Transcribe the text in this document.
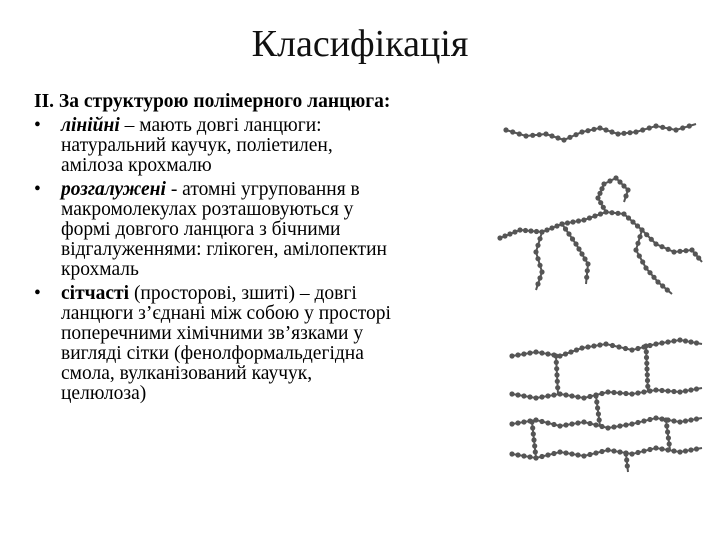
Класифікація
II. За структурою полімерного ланцюга:
• лінійні – мають довгі ланцюги:
натуральний каучук, поліетилен,
амілоза крохмалю
• розгалужені - атомні угруповання в
макромолекулах розташовуються у
формі довгого ланцюга з бічними
відгалуженнями: глікоген, амілопектин
крохмаль
• сітчасті (просторові, зшиті) – довгі
ланцюги з’єднані між собою у просторі
поперечними хімічними зв’язками у
вигляді сітки (фенолформальдегідна
смола, вулканізований каучук,
целюлоза)
